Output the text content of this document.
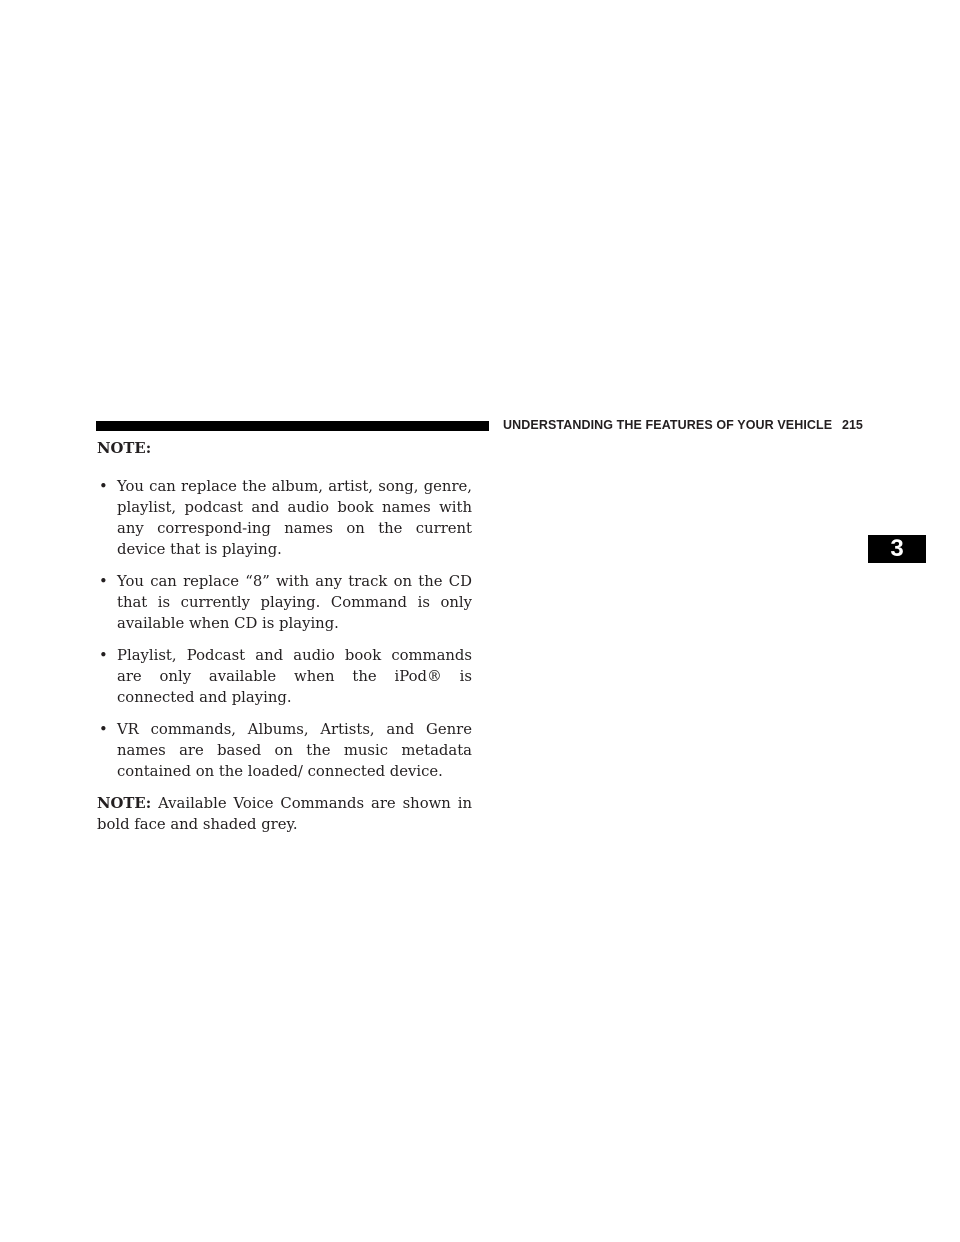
UNDERSTANDING THE FEATURES OF YOUR VEHICLE 215
3

NOTE:

• You can replace the album, artist, song, genre, playlist, podcast and audio book names with any correspond-ing names on the current device that is playing.
• You can replace “8” with any track on the CD that is currently playing. Command is only available when CD is playing.
• Playlist, Podcast and audio book commands are only available when the iPod® is connected and playing.
• VR commands, Albums, Artists, and Genre names are based on the music metadata contained on the loaded/ connected device.

NOTE: Available Voice Commands are shown in bold face and shaded grey.
